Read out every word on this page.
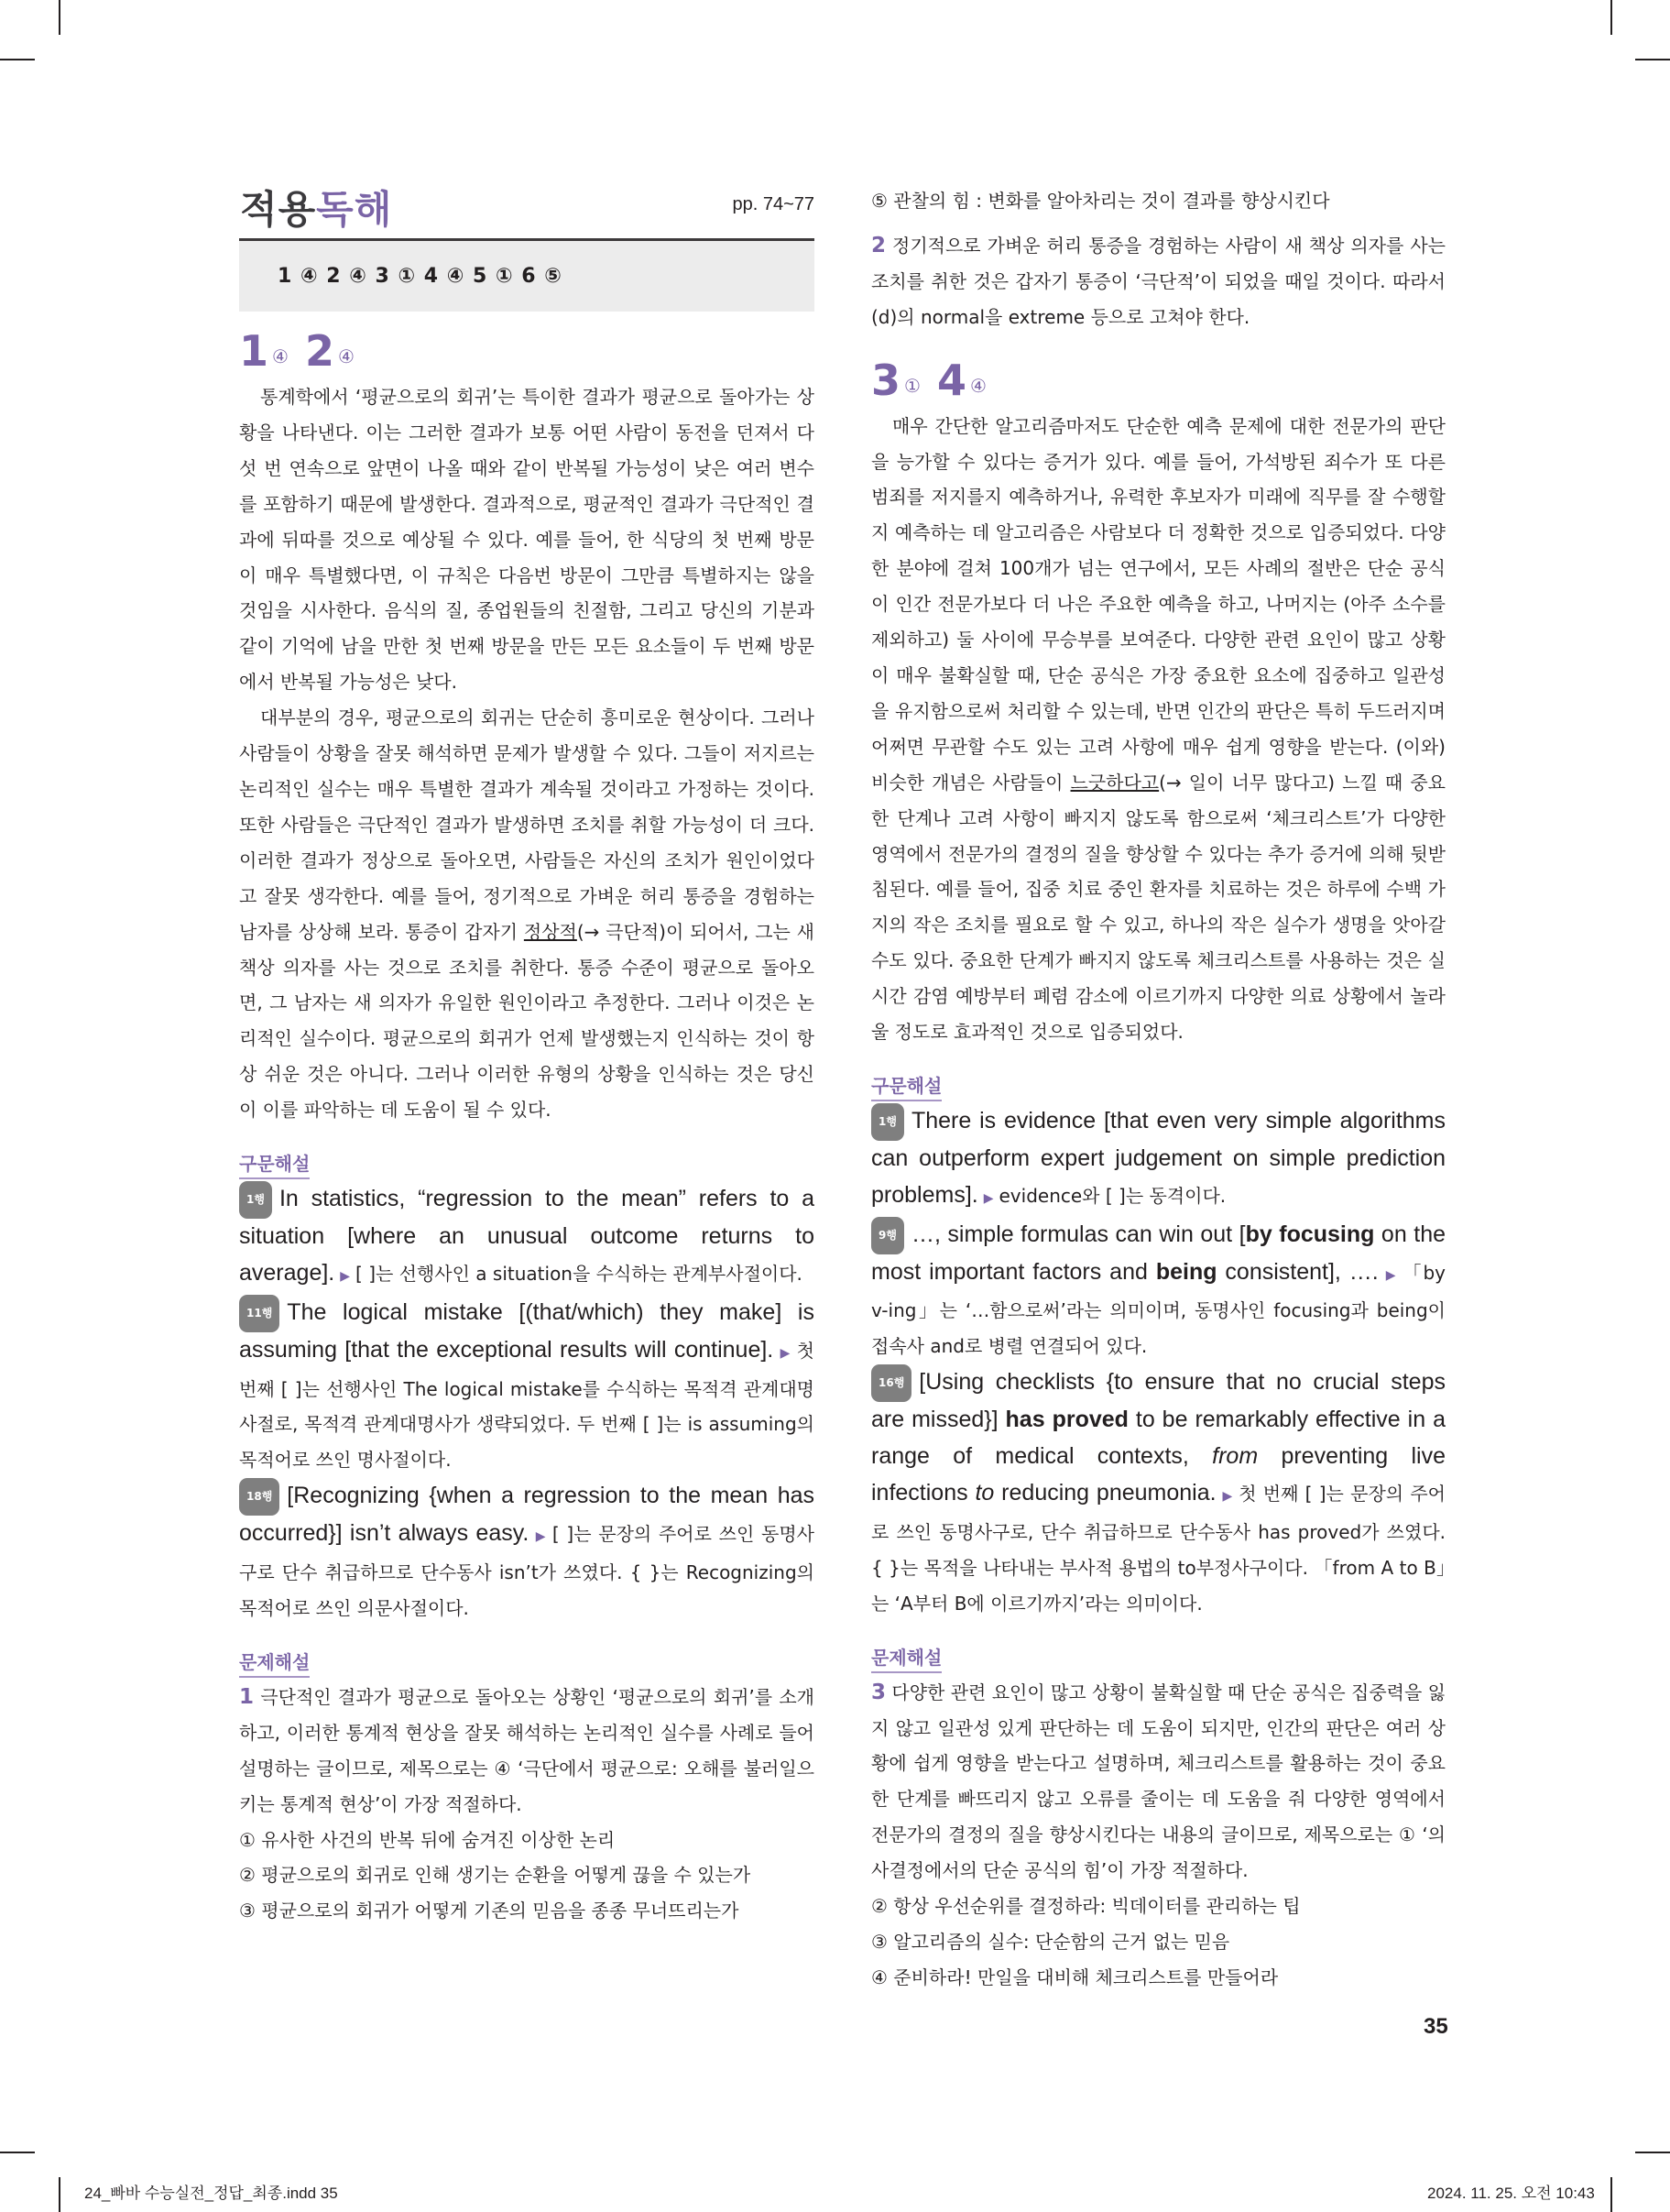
적용독해	pp. 74~77
1 ④ 2 ④ 3 ① 4 ④ 5 ① 6 ⑤
1 ④ 2 ④

통계학에서 ‘평균으로의 회귀’는 특이한 결과가 평균으로 돌아가는 상황을 나타낸다. 이는 그러한 결과가 보통 어떤 사람이 동전을 던져서 다섯 번 연속으로 앞면이 나올 때와 같이 반복될 가능성이 낮은 여러 변수를 포함하기 때문에 발생한다. 결과적으로, 평균적인 결과가 극단적인 결과에 뒤따를 것으로 예상될 수 있다. 예를 들어, 한 식당의 첫 번째 방문이 매우 특별했다면, 이 규칙은 다음번 방문이 그만큼 특별하지는 않을 것임을 시사한다. 음식의 질, 종업원들의 친절함, 그리고 당신의 기분과 같이 기억에 남을 만한 첫 번째 방문을 만든 모든 요소들이 두 번째 방문에서 반복될 가능성은 낮다.

대부분의 경우, 평균으로의 회귀는 단순히 흥미로운 현상이다. 그러나 사람들이 상황을 잘못 해석하면 문제가 발생할 수 있다. 그들이 저지르는 논리적인 실수는 매우 특별한 결과가 계속될 것이라고 가정하는 것이다. 또한 사람들은 극단적인 결과가 발생하면 조치를 취할 가능성이 더 크다. 이러한 결과가 정상으로 돌아오면, 사람들은 자신의 조치가 원인이었다고 잘못 생각한다. 예를 들어, 정기적으로 가벼운 허리 통증을 경험하는 남자를 상상해 보라. 통증이 갑자기 정상적(→ 극단적)이 되어서, 그는 새 책상 의자를 사는 것으로 조치를 취한다. 통증 수준이 평균으로 돌아오면, 그 남자는 새 의자가 유일한 원인이라고 추정한다. 그러나 이것은 논리적인 실수이다. 평균으로의 회귀가 언제 발생했는지 인식하는 것이 항상 쉬운 것은 아니다. 그러나 이러한 유형의 상황을 인식하는 것은 당신이 이를 파악하는 데 도움이 될 수 있다.

구문해설

1행 In statistics, “regression to the mean” refers to a situation [where an unusual outcome returns to average]. ▶ [ ]는 선행사인 a situation을 수식하는 관계부사절이다.

11행 The logical mistake [(that/which) they make] is assuming [that the exceptional results will continue]. ▶ 첫 번째 [ ]는 선행사인 The logical mistake를 수식하는 목적격 관계대명사절로, 목적격 관계대명사가 생략되었다. 두 번째 [ ]는 is assuming의 목적어로 쓰인 명사절이다.

18행 [Recognizing {when a regression to the mean has occurred}] isn’t always easy. ▶ [ ]는 문장의 주어로 쓰인 동명사구로 단수 취급하므로 단수동사 isn’t가 쓰였다. { }는 Recognizing의 목적어로 쓰인 의문사절이다.

문제해설

1 극단적인 결과가 평균으로 돌아오는 상황인 ‘평균으로의 회귀’를 소개하고, 이러한 통계적 현상을 잘못 해석하는 논리적인 실수를 사례로 들어 설명하는 글이므로, 제목으로는 ④ ‘극단에서 평균으로: 오해를 불러일으키는 통계적 현상’이 가장 적절하다.

① 유사한 사건의 반복 뒤에 숨겨진 이상한 논리

② 평균으로의 회귀로 인해 생기는 순환을 어떻게 끊을 수 있는가

③ 평균으로의 회귀가 어떻게 기존의 믿음을 종종 무너뜨리는가

⑤ 관찰의 힘 : 변화를 알아차리는 것이 결과를 향상시킨다

2 정기적으로 가벼운 허리 통증을 경험하는 사람이 새 책상 의자를 사는 조치를 취한 것은 갑자기 통증이 ‘극단적’이 되었을 때일 것이다. 따라서 (d)의 normal을 extreme 등으로 고쳐야 한다.

3 ① 4 ④

매우 간단한 알고리즘마저도 단순한 예측 문제에 대한 전문가의 판단을 능가할 수 있다는 증거가 있다. 예를 들어, 가석방된 죄수가 또 다른 범죄를 저지를지 예측하거나, 유력한 후보자가 미래에 직무를 잘 수행할지 예측하는 데 알고리즘은 사람보다 더 정확한 것으로 입증되었다. 다양한 분야에 걸쳐 100개가 넘는 연구에서, 모든 사례의 절반은 단순 공식이 인간 전문가보다 더 나은 주요한 예측을 하고, 나머지는 (아주 소수를 제외하고) 둘 사이에 무승부를 보여준다. 다양한 관련 요인이 많고 상황이 매우 불확실할 때, 단순 공식은 가장 중요한 요소에 집중하고 일관성을 유지함으로써 처리할 수 있는데, 반면 인간의 판단은 특히 두드러지며 어쩌면 무관할 수도 있는 고려 사항에 매우 쉽게 영향을 받는다. (이와) 비슷한 개념은 사람들이 느긋하다고(→ 일이 너무 많다고) 느낄 때 중요한 단계나 고려 사항이 빠지지 않도록 함으로써 ‘체크리스트’가 다양한 영역에서 전문가의 결정의 질을 향상할 수 있다는 추가 증거에 의해 뒷받침된다. 예를 들어, 집중 치료 중인 환자를 치료하는 것은 하루에 수백 가지의 작은 조치를 필요로 할 수 있고, 하나의 작은 실수가 생명을 앗아갈 수도 있다. 중요한 단계가 빠지지 않도록 체크리스트를 사용하는 것은 실시간 감염 예방부터 폐렴 감소에 이르기까지 다양한 의료 상황에서 놀라울 정도로 효과적인 것으로 입증되었다.

구문해설

1행 There is evidence [that even very simple algorithms can outperform expert judgement on simple prediction problems]. ▶ evidence와 [ ]는 동격이다.

9행 …, simple formulas can win out [by focusing on the most important factors and being consistent], …. ▶ 「by v-ing」는 ‘…함으로써’라는 의미이며, 동명사인 focusing과 being이 접속사 and로 병렬 연결되어 있다.

16행 [Using checklists {to ensure that no crucial steps are missed}] has proved to be remarkably effective in a range of medical contexts, from preventing live infections to reducing pneumonia. ▶ 첫 번째 [ ]는 문장의 주어로 쓰인 동명사구로, 단수 취급하므로 단수동사 has proved가 쓰였다. { }는 목적을 나타내는 부사적 용법의 to부정사구이다. 「from A to B」는 ‘A부터 B에 이르기까지’라는 의미이다.

문제해설

3 다양한 관련 요인이 많고 상황이 불확실할 때 단순 공식은 집중력을 잃지 않고 일관성 있게 판단하는 데 도움이 되지만, 인간의 판단은 여러 상황에 쉽게 영향을 받는다고 설명하며, 체크리스트를 활용하는 것이 중요한 단계를 빠뜨리지 않고 오류를 줄이는 데 도움을 줘 다양한 영역에서 전문가의 결정의 질을 향상시킨다는 내용의 글이므로, 제목으로는 ① ‘의사결정에서의 단순 공식의 힘’이 가장 적절하다.

② 항상 우선순위를 결정하라: 빅데이터를 관리하는 팁

③ 알고리즘의 실수: 단순함의 근거 없는 믿음

④ 준비하라! 만일을 대비해 체크리스트를 만들어라

35
24_빠바 수능실전_정답_최종.indd 35	2024. 11. 25. 오전 10:43
